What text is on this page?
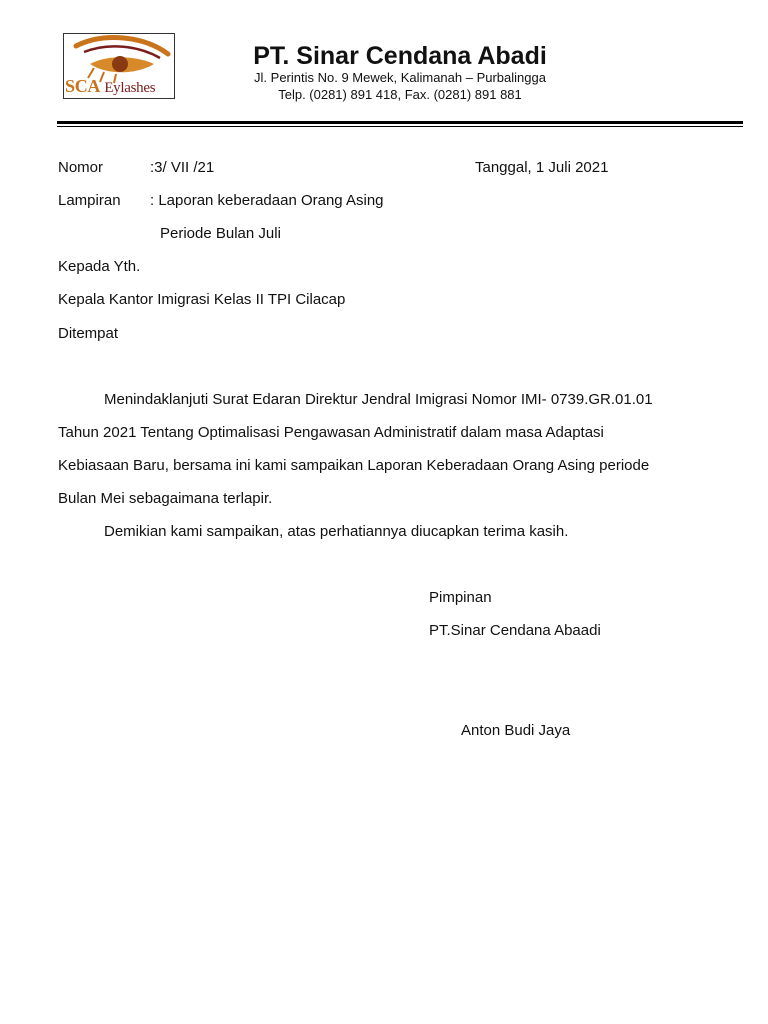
SCA Eylashes
PT. Sinar Cendana Abadi
Jl. Perintis No. 9 Mewek, Kalimanah – Purbalingga
Telp. (0281) 891 418, Fax. (0281) 891 881
Nomor	:3/ VII /21	Tanggal, 1 Juli 2021
Lampiran : Laporan keberadaan Orang Asing
Periode Bulan Juli
Kepada Yth.
Kepala Kantor Imigrasi Kelas II TPI Cilacap
Ditempat
Menindaklanjuti Surat Edaran Direktur Jendral Imigrasi Nomor IMI- 0739.GR.01.01
Tahun 2021 Tentang Optimalisasi Pengawasan Administratif dalam masa Adaptasi
Kebiasaan Baru, bersama ini kami sampaikan Laporan Keberadaan Orang Asing periode
Bulan Mei sebagaimana terlapir.
Demikian kami sampaikan, atas perhatiannya diucapkan terima kasih.
Pimpinan
PT.Sinar Cendana Abaadi
Anton Budi Jaya
